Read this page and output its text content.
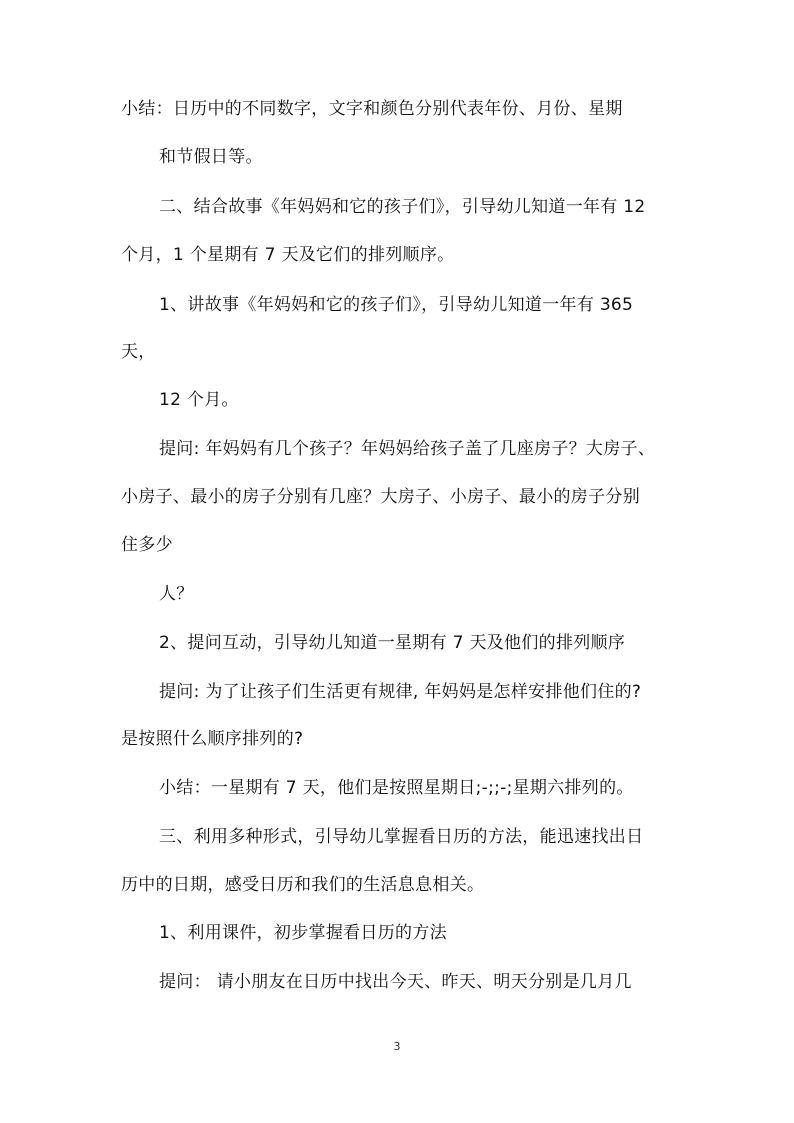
小结：日历中的不同数字，文字和颜色分别代表年份、月份、星期
和节假日等。
二、结合故事《年妈妈和它的孩子们》，引导幼儿知道一年有 12
个月，1 个星期有 7 天及它们的排列顺序。
1、讲故事《年妈妈和它的孩子们》，引导幼儿知道一年有 365
天，
12 个月。
提问: 年妈妈有几个孩子？年妈妈给孩子盖了几座房子？大房子、
小房子、最小的房子分别有几座？大房子、小房子、最小的房子分别
住多少
人？
2、提问互动，引导幼儿知道一星期有 7 天及他们的排列顺序
提问: 为了让孩子们生活更有规律, 年妈妈是怎样安排他们住的?
是按照什么顺序排列的?
小结：一星期有 7 天，他们是按照星期日;-;;-;星期六排列的。
三、利用多种形式，引导幼儿掌握看日历的方法，能迅速找出日
历中的日期，感受日历和我们的生活息息相关。
1、利用课件，初步掌握看日历的方法
提问： 请小朋友在日历中找出今天、昨天、明天分别是几月几
3
